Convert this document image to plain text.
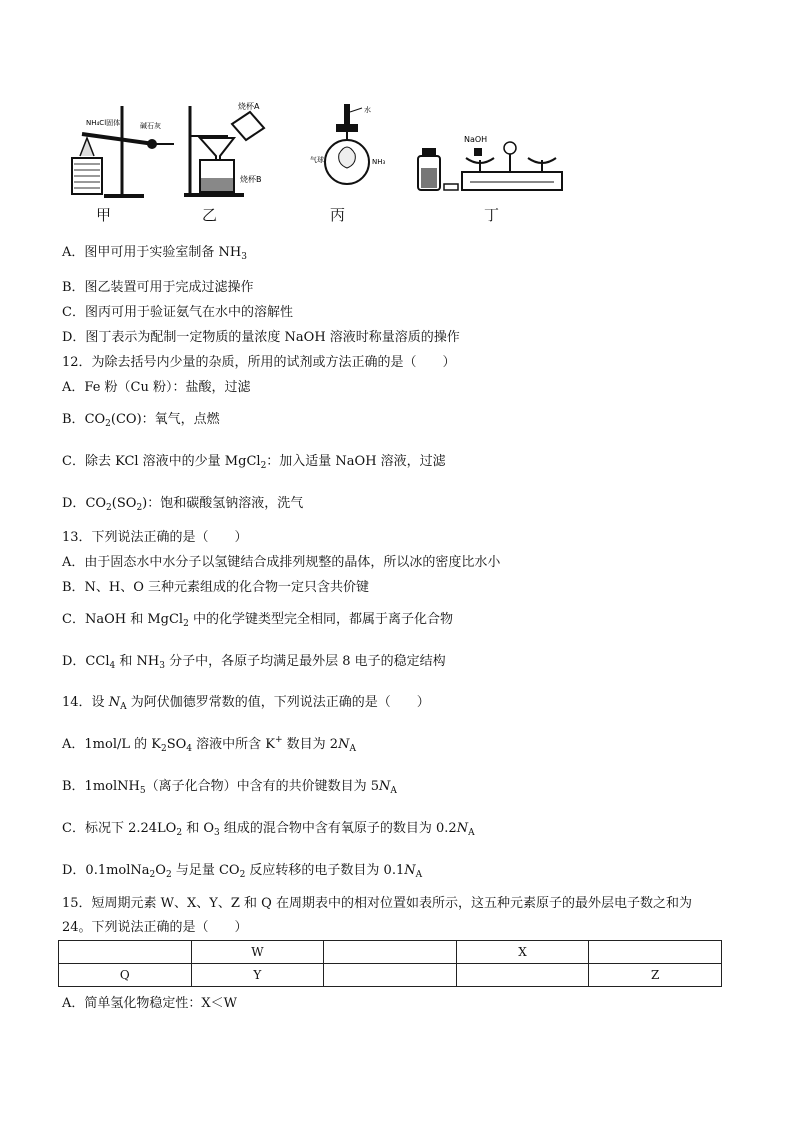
NH₄Cl固体	碱石灰
甲
烧杯A
烧杯B
乙
水
气球	NH₃
丙
NaOH
丁
A．图甲可用于实验室制备 $NH_3$
B．图乙装置可用于完成过滤操作
C．图丙可用于验证氨气在水中的溶解性
D．图丁表示为配制一定物质的量浓度 NaOH 溶液时称量溶质的操作
12．为除去括号内少量的杂质，所用的试剂或方法正确的是（　　）
A．Fe 粉（Cu 粉）：盐酸，过滤
B．$CO_2(CO)$：氧气，点燃
C．除去 KCl 溶液中的少量 MgCl$_2$：加入适量 NaOH 溶液，过滤
D．$CO_2(SO_2)$：饱和碳酸氢钠溶液，洗气
13．下列说法正确的是（　　）
A．由于固态水中水分子以氢键结合成排列规整的晶体，所以冰的密度比水小
B．N、H、O 三种元素组成的化合物一定只含共价键
C．NaOH 和 MgCl$_2$ 中的化学键类型完全相同，都属于离子化合物
D．CCl$_4$ 和 $NH_3$ 分子中，各原子均满足最外层 8 电子的稳定结构
14．设 $N_A$ 为阿伏伽德罗常数的值，下列说法正确的是（　　）
A．1mol/L 的 $K_2SO_4$ 溶液中所含 K+ 数目为 $2N_A$
B．1molNH$_5$（离子化合物）中含有的共价键数目为 $5N_A$
C．标况下 $2.24LO_2$ 和 $O_3$ 组成的混合物中含有氧原子的数目为 $0.2N_A$
D．$0.1molNa_2O_2$ 与足量 $CO_2$ 反应转移的电子数目为 $0.1N_A$
15．短周期元素 W、X、Y、Z 和 Q 在周期表中的相对位置如表所示，这五种元素原子的最外层电子数之和为
24。下列说法正确的是（　　）
	W		X	
Q	Y			Z
A．简单氢化物稳定性：X＜W
